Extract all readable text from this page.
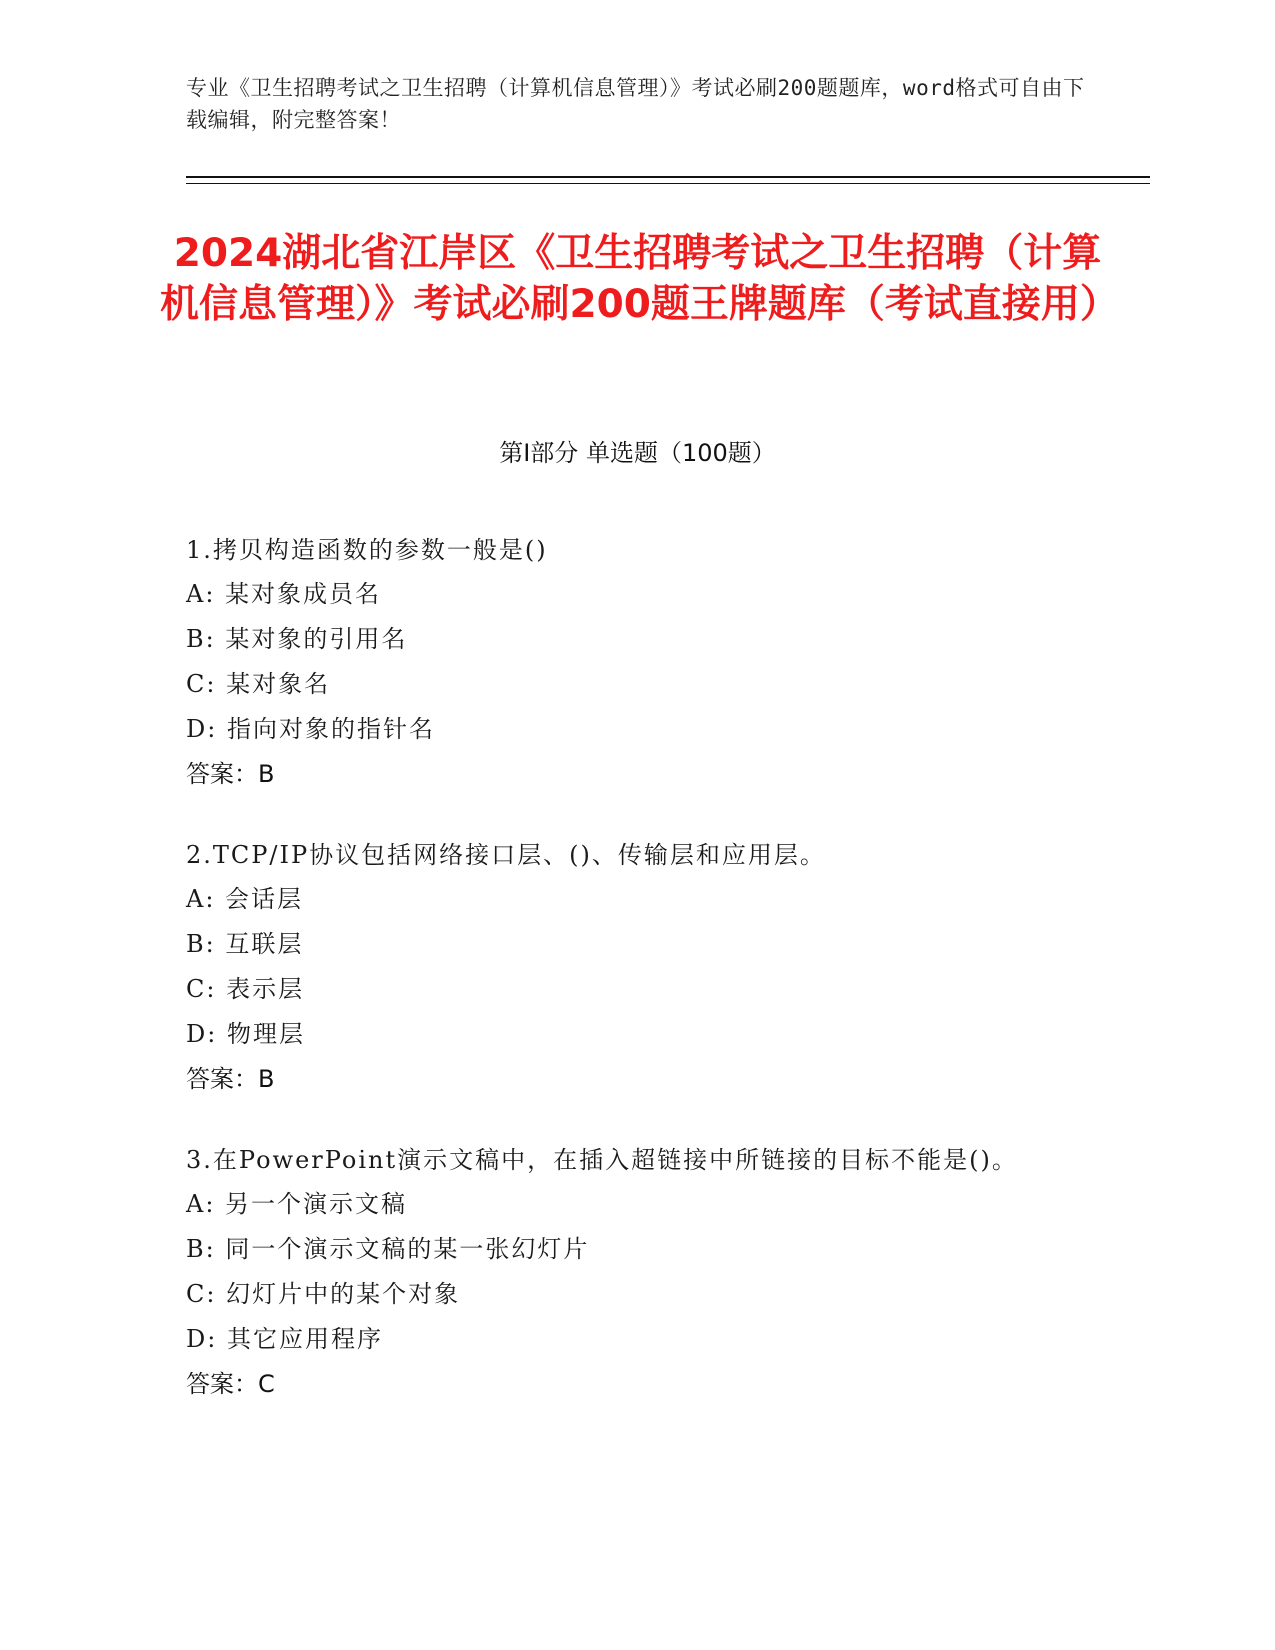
专业《卫生招聘考试之卫生招聘（计算机信息管理）》考试必刷200题题库，word格式可自由下载编辑，附完整答案！
2024湖北省江岸区《卫生招聘考试之卫生招聘（计算机信息管理）》考试必刷200题王牌题库（考试直接用）
第I部分 单选题（100题）
1.拷贝构造函数的参数一般是()
A: 某对象成员名
B: 某对象的引用名
C: 某对象名
D: 指向对象的指针名
答案：B
2.TCP/IP协议包括网络接口层、()、传输层和应用层。
A: 会话层
B: 互联层
C: 表示层
D: 物理层
答案：B
3.在PowerPoint演示文稿中，在插入超链接中所链接的目标不能是()。
A: 另一个演示文稿
B: 同一个演示文稿的某一张幻灯片
C: 幻灯片中的某个对象
D: 其它应用程序
答案：C
